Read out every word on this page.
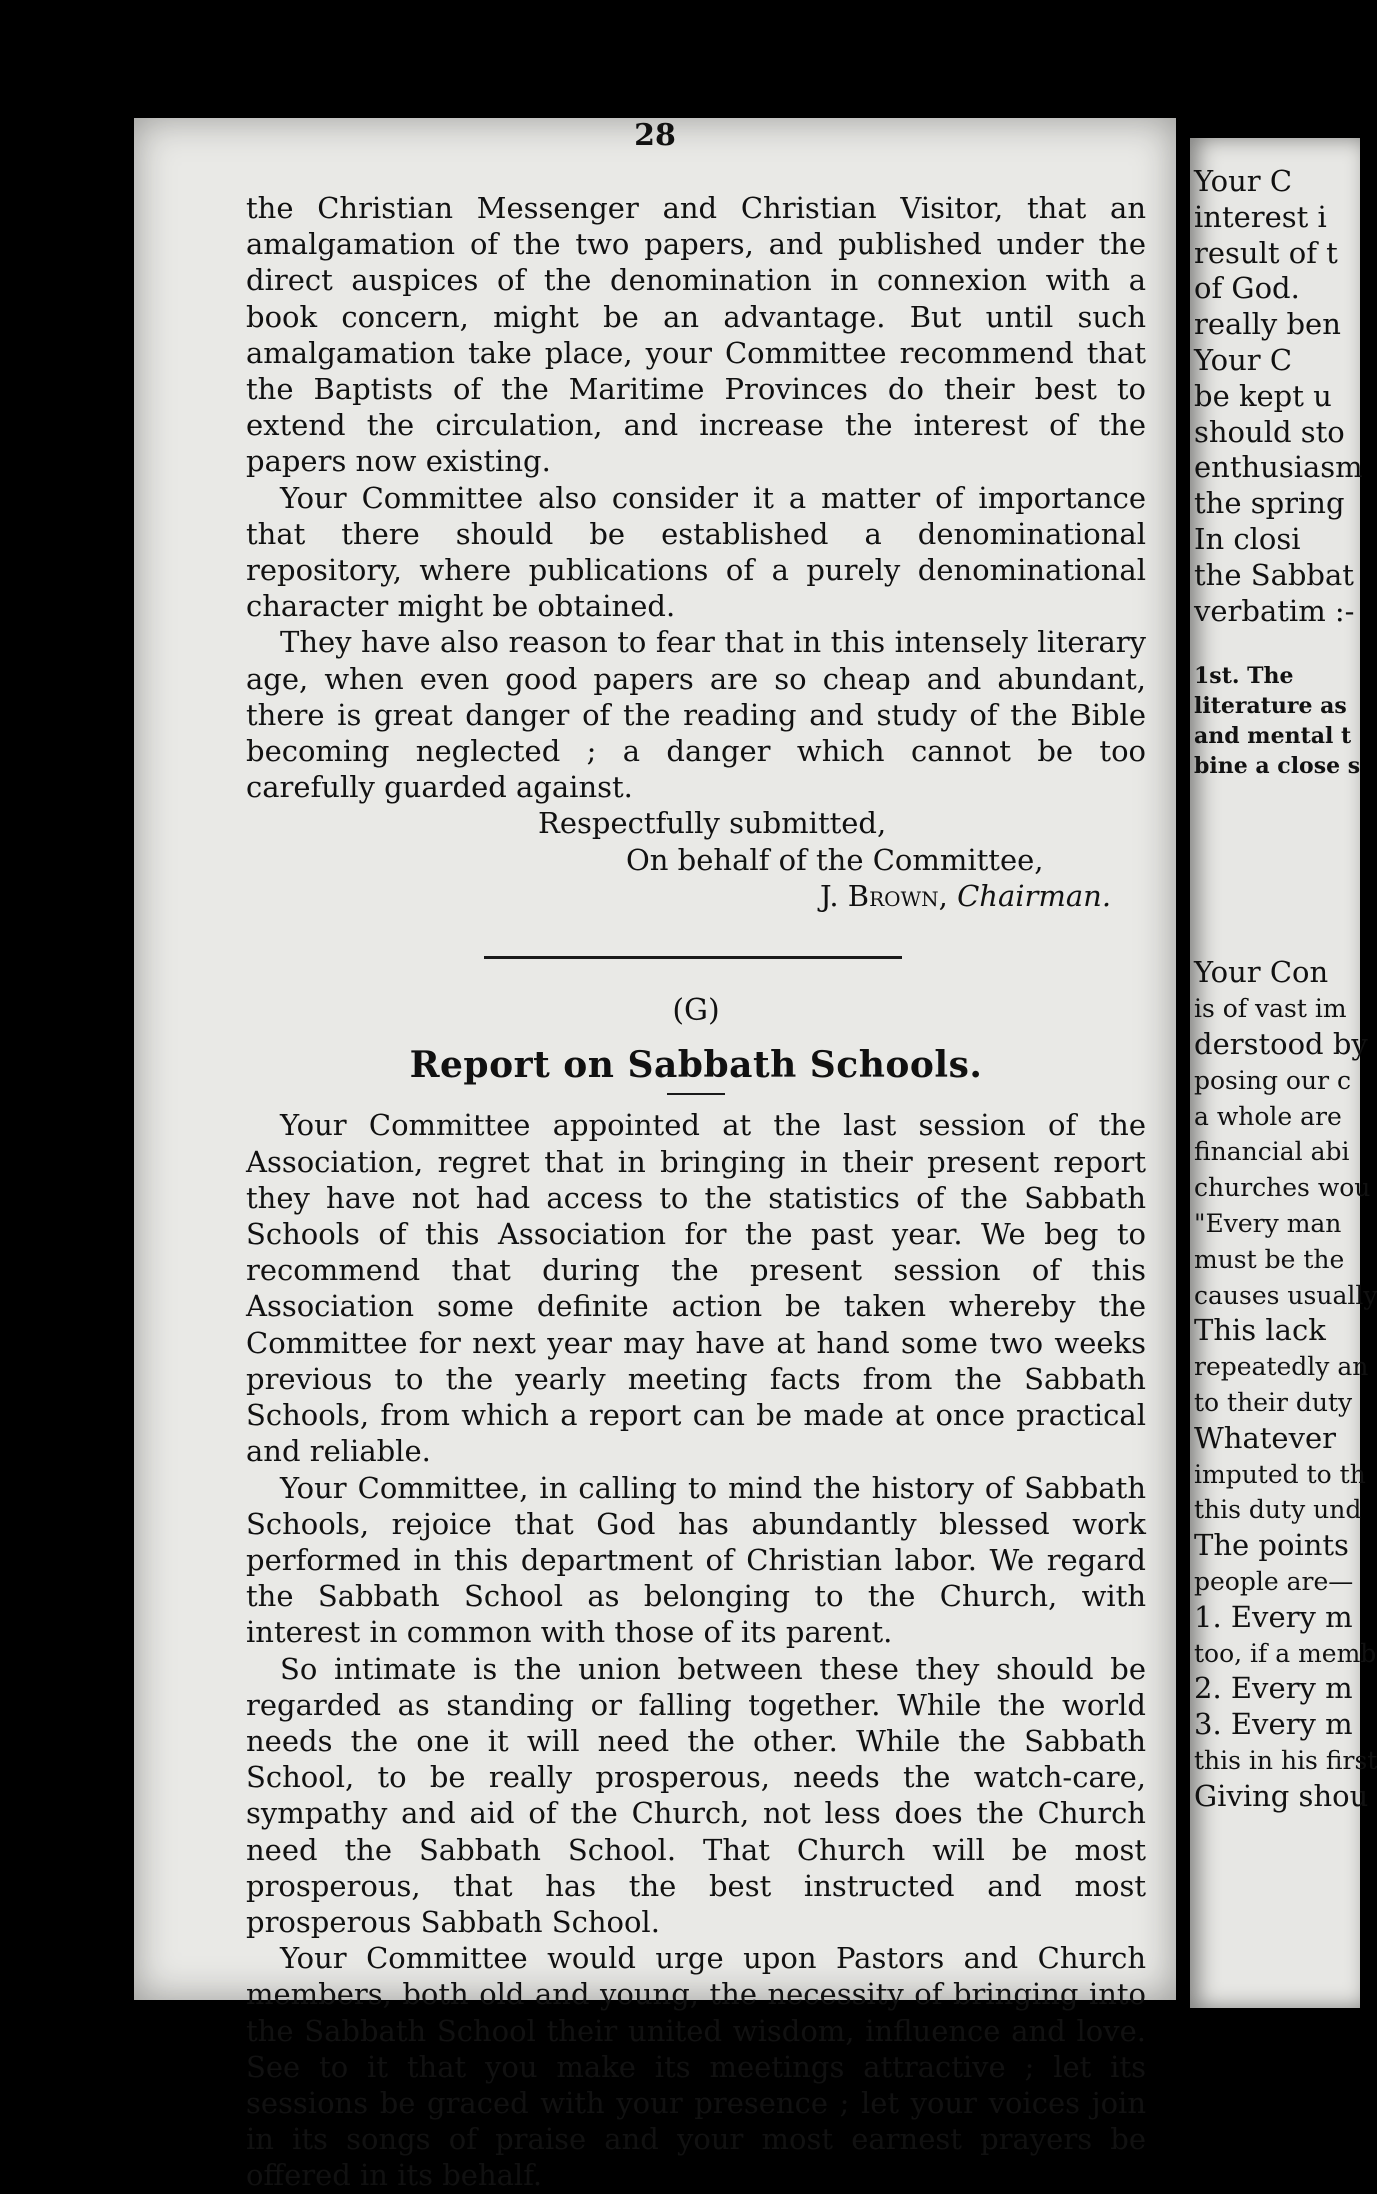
28

the Christian Messenger and Christian Visitor, that an amalgamation of the two papers, and published under the direct auspices of the denomination in connexion with a book concern, might be an advantage. But until such amalgamation take place, your Committee recommend that the Baptists of the Maritime Provinces do their best to extend the circulation, and increase the interest of the papers now existing.

Your Committee also consider it a matter of importance that there should be established a denominational repository, where publications of a purely denominational character might be obtained.

They have also reason to fear that in this intensely literary age, when even good papers are so cheap and abundant, there is great danger of the reading and study of the Bible becoming neglected ; a danger which cannot be too carefully guarded against.

Respectfully submitted,
On behalf of the Committee,
J. Brown, Chairman.
(G)
Report on Sabbath Schools.

Your Committee appointed at the last session of the Association, regret that in bringing in their present report they have not had access to the statistics of the Sabbath Schools of this Association for the past year. We beg to recommend that during the present session of this Association some definite action be taken whereby the Committee for next year may have at hand some two weeks previous to the yearly meeting facts from the Sabbath Schools, from which a report can be made at once practical and reliable.

Your Committee, in calling to mind the history of Sabbath Schools, rejoice that God has abundantly blessed work performed in this department of Christian labor. We regard the Sabbath School as belonging to the Church, with interest in common with those of its parent.

So intimate is the union between these they should be regarded as standing or falling together. While the world needs the one it will need the other. While the Sabbath School, to be really prosperous, needs the watch-care, sympathy and aid of the Church, not less does the Church need the Sabbath School. That Church will be most prosperous, that has the best instructed and most prosperous Sabbath School.

Your Committee would urge upon Pastors and Church members, both old and young, the necessity of bringing into the Sabbath School their united wisdom, influence and love. See to it that you make its meetings attractive ; let its sessions be graced with your presence ; let your voices join in its songs of praise and your most earnest prayers be offered in its behalf.

Your C
interest i
result of t
of God.
really ben
Your C
be kept u
should sto
enthusiasm
the spring
In closi
the Sabbat
verbatim :-
1st. The
literature as
and mental t
bine a close s
Your Con
is of vast im
derstood by
posing our c
a whole are
financial abi
churches wou
"Every man
must be the
causes usually
This lack
repeatedly an
to their duty
Whatever
imputed to th
this duty und
The points
people are—
1. Every m
too, if a memb
2. Every m
3. Every m
this in his first
Giving shou
